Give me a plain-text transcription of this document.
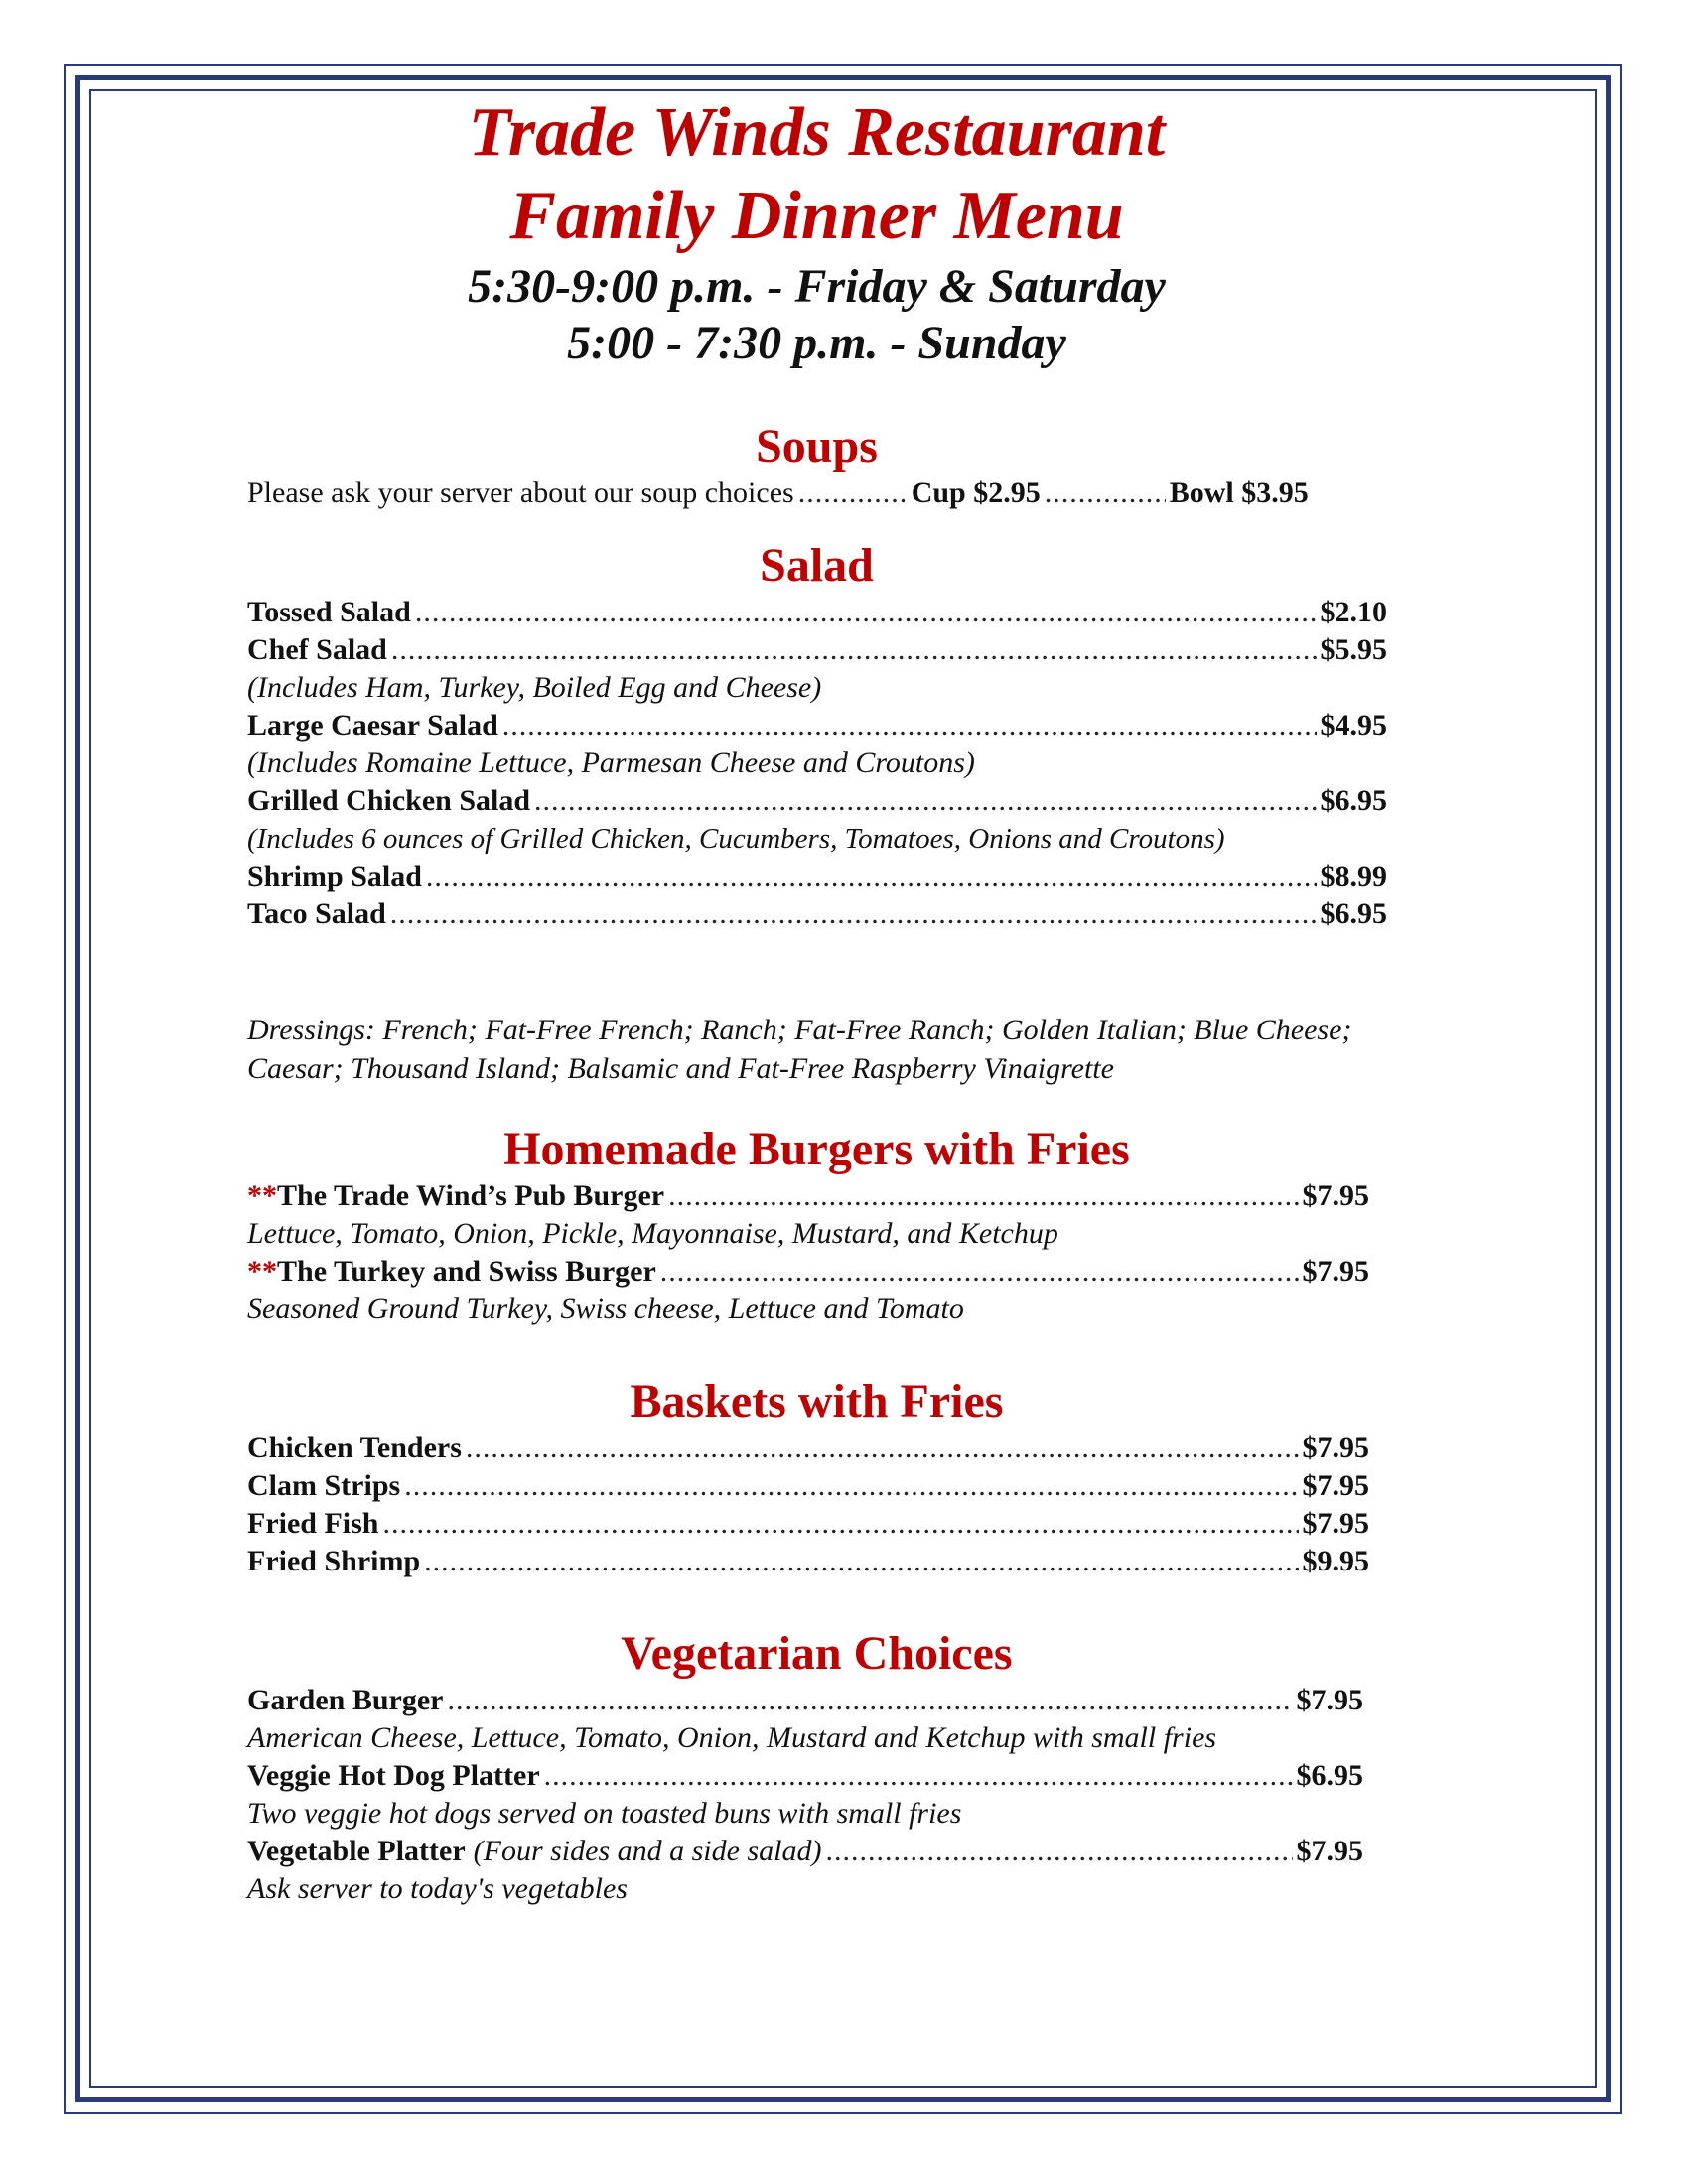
Trade Winds Restaurant

Family Dinner Menu

5:30-9:00 p.m. - Friday & Saturday

5:00 - 7:30 p.m. - Sunday

Soups

Please ask your server about our soup choices .....	Cup $2.95 .....	Bowl $3.95

Salad

Tossed Salad .....	$2.10
Chef Salad .....	$5.95
(Includes Ham, Turkey, Boiled Egg and Cheese)
Large Caesar Salad .....	$4.95
(Includes Romaine Lettuce, Parmesan Cheese and Croutons)
Grilled Chicken Salad .....	$6.95
(Includes 6 ounces of Grilled Chicken, Cucumbers, Tomatoes, Onions and Croutons)
Shrimp Salad .....	$8.99
Taco Salad .....	$6.95
Dressings: French; Fat-Free French; Ranch; Fat-Free Ranch; Golden Italian; Blue Cheese; Caesar; Thousand Island; Balsamic and Fat-Free Raspberry Vinaigrette

Homemade Burgers with Fries

** The Trade Wind’s Pub Burger .....	$7.95
Lettuce, Tomato, Onion, Pickle, Mayonnaise, Mustard, and Ketchup
** The Turkey and Swiss Burger .....	$7.95
Seasoned Ground Turkey, Swiss cheese, Lettuce and Tomato

Baskets with Fries

Chicken Tenders .....	$7.95
Clam Strips .....	$7.95
Fried Fish .....	$7.95
Fried Shrimp .....	$9.95

Vegetarian Choices

Garden Burger .....	$7.95
American Cheese, Lettuce, Tomato, Onion, Mustard and Ketchup with small fries
Veggie Hot Dog Platter .....	$6.95
Two veggie hot dogs served on toasted buns with small fries
Vegetable Platter (Four sides and a side salad) .....	$7.95
Ask server to today's vegetables
